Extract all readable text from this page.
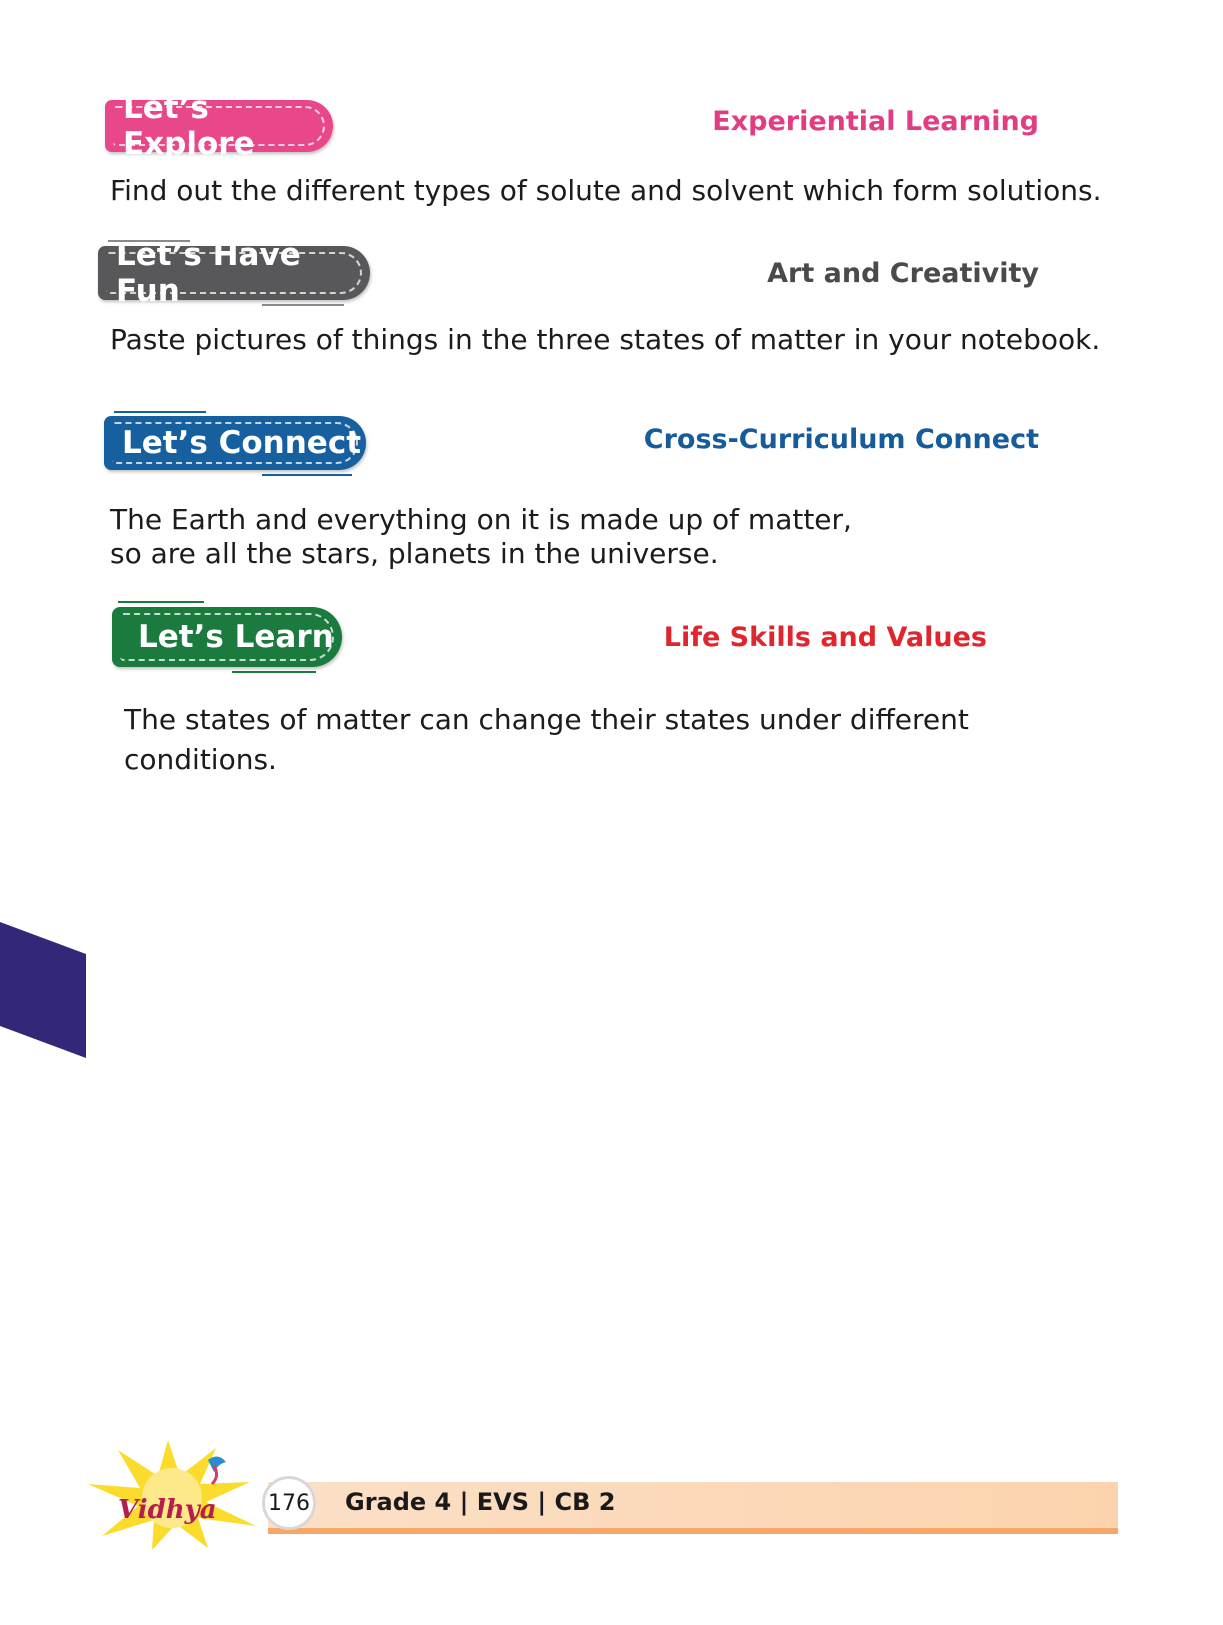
Let’s Explore
Experiential Learning
Find out the different types of solute and solvent which form solutions.
Let’s Have Fun	Art and Creativity
Paste pictures of things in the three states of matter in your notebook.
Let’s Connect	Cross-Curriculum Connect
The Earth and everything on it is made up of matter,
so are all the stars, planets in the universe.
Let’s Learn	Life Skills and Values
The states of matter can change their states under different
conditions.
Vidhya 176 Grade 4 | EVS | CB 2
